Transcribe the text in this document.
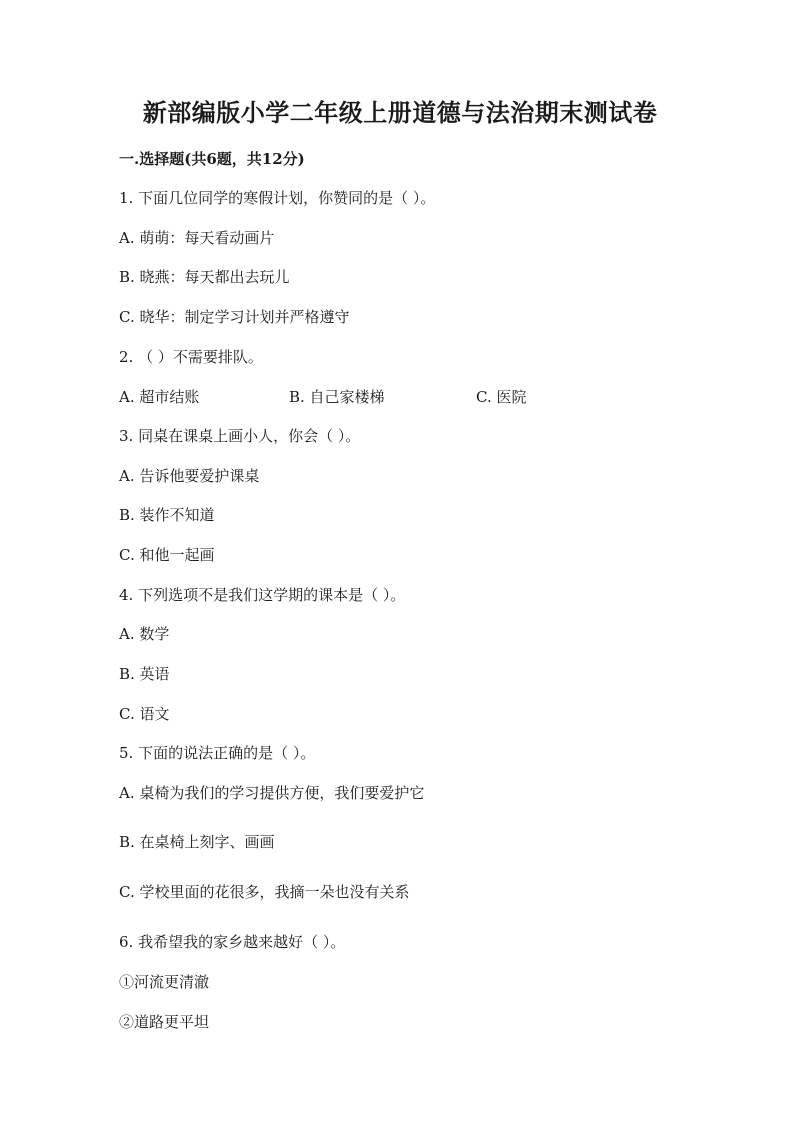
新部编版小学二年级上册道德与法治期末测试卷
一.选择题(共6题，共12分)
1. 下面几位同学的寒假计划，你赞同的是（ ）。
A. 萌萌：每天看动画片
B. 晓燕：每天都出去玩儿
C. 晓华：制定学习计划并严格遵守
2. （ ）不需要排队。
A. 超市结账	B. 自己家楼梯	C. 医院
3. 同桌在课桌上画小人，你会（ ）。
A. 告诉他要爱护课桌
B. 装作不知道
C. 和他一起画
4. 下列选项不是我们这学期的课本是（ ）。
A. 数学
B. 英语
C. 语文
5. 下面的说法正确的是（ ）。
A. 桌椅为我们的学习提供方便，我们要爱护它
B. 在桌椅上刻字、画画
C. 学校里面的花很多，我摘一朵也没有关系
6. 我希望我的家乡越来越好（ ）。
①河流更清澈
②道路更平坦
